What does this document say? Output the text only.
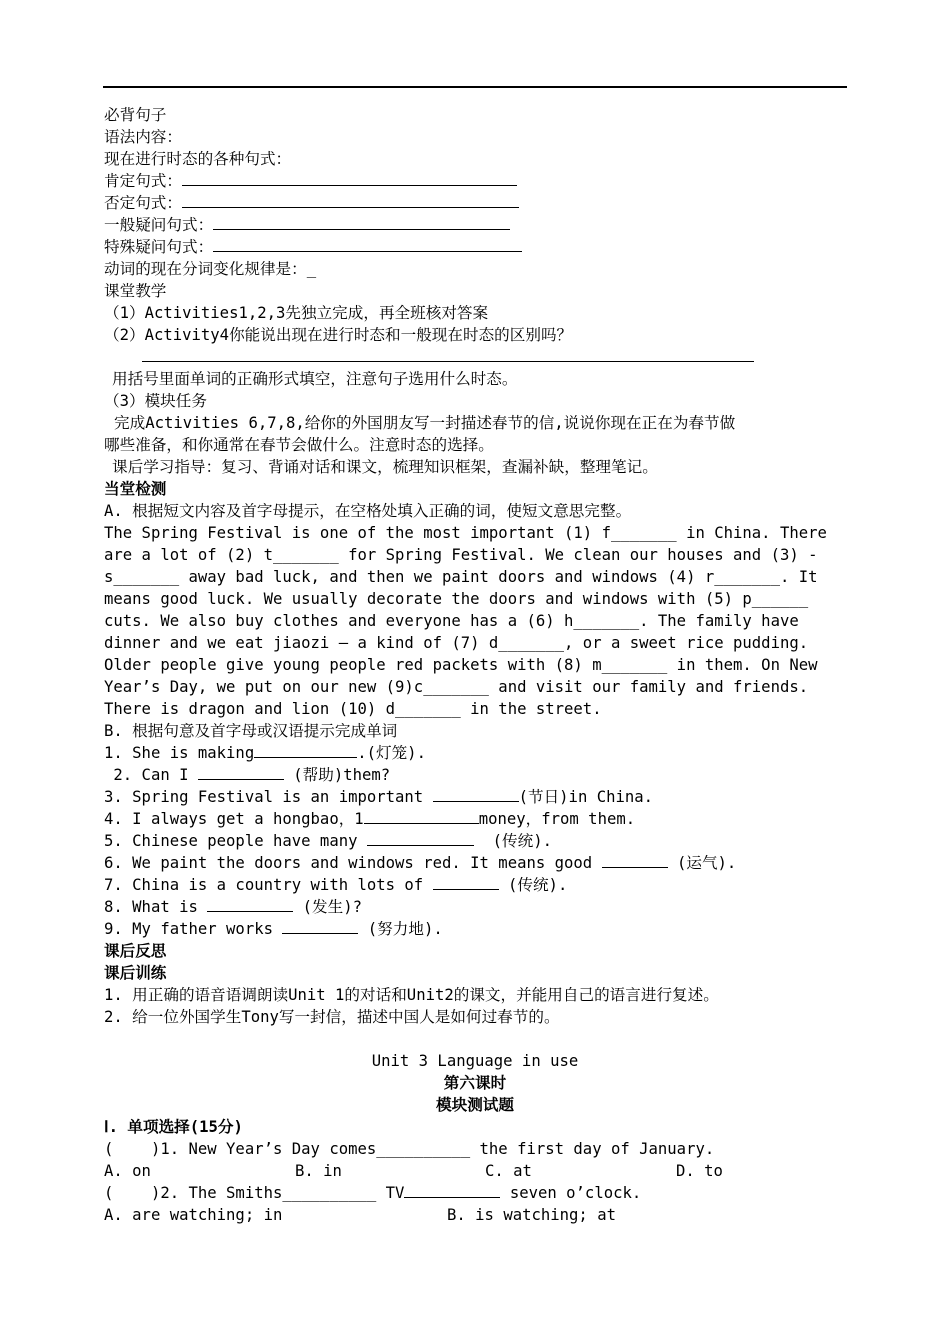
必背句子
语法内容：
现在进行时态的各种句式：
肯定句式：
否定句式：
一般疑问句式：
特殊疑问句式：
动词的现在分词变化规律是：_
课堂教学
（1）Activities1,2,3先独立完成，再全班核对答案
（2）Activity4你能说出现在进行时态和一般现在时态的区别吗？
用括号里面单词的正确形式填空，注意句子选用什么时态。
（3）模块任务
完成Activities 6,7,8,给你的外国朋友写一封描述春节的信,说说你现在正在为春节做
哪些准备，和你通常在春节会做什么。注意时态的选择。
课后学习指导：复习、背诵对话和课文，梳理知识框架，查漏补缺，整理笔记。
当堂检测
A. 根据短文内容及首字母提示，在空格处填入正确的词，使短文意思完整。
The Spring Festival is one of the most important (1) f_______ in China. There
are a lot of (2) t_______ for Spring Festival. We clean our houses and (3) -
s_______ away bad luck, and then we paint doors and windows (4) r_______. It
means good luck. We usually decorate the doors and windows with (5) p______
cuts. We also buy clothes and everyone has a (6) h_______. The family have
dinner and we eat jiaozi — a kind of (7) d_______, or a sweet rice pudding.
Older people give young people red packets with (8) m_______ in them. On New
Year’s Day, we put on our new (9)c_______ and visit our family and friends.
There is dragon and lion (10) d_______ in the street.
B. 根据句意及首字母或汉语提示完成单词
1. She is making	.(灯笼).
2. Can I	(帮助)them?
3. Spring Festival is an important	(节日)in China.
4. I always get a hongbao，1	money，from them.
5. Chinese people have many	(传统).
6. We paint the doors and windows red. It means good	(运气).
7. China is a country with lots of	(传统).
8. What is	(发生)?
9. My father works	(努力地).
课后反思
课后训练
1. 用正确的语音语调朗读Unit 1的对话和Unit2的课文，并能用自己的语言进行复述。
2. 给一位外国学生Tony写一封信，描述中国人是如何过春节的。
Unit 3 Language in use
第六课时
模块测试题
Ⅰ. 单项选择(15分)
(    )1. New Year’s Day comes__________ the first day of January.
A. on	B. in	C. at	D. to
(    )2. The Smiths__________ TV	seven o’clock.
A. are watching; in	B. is watching; at
